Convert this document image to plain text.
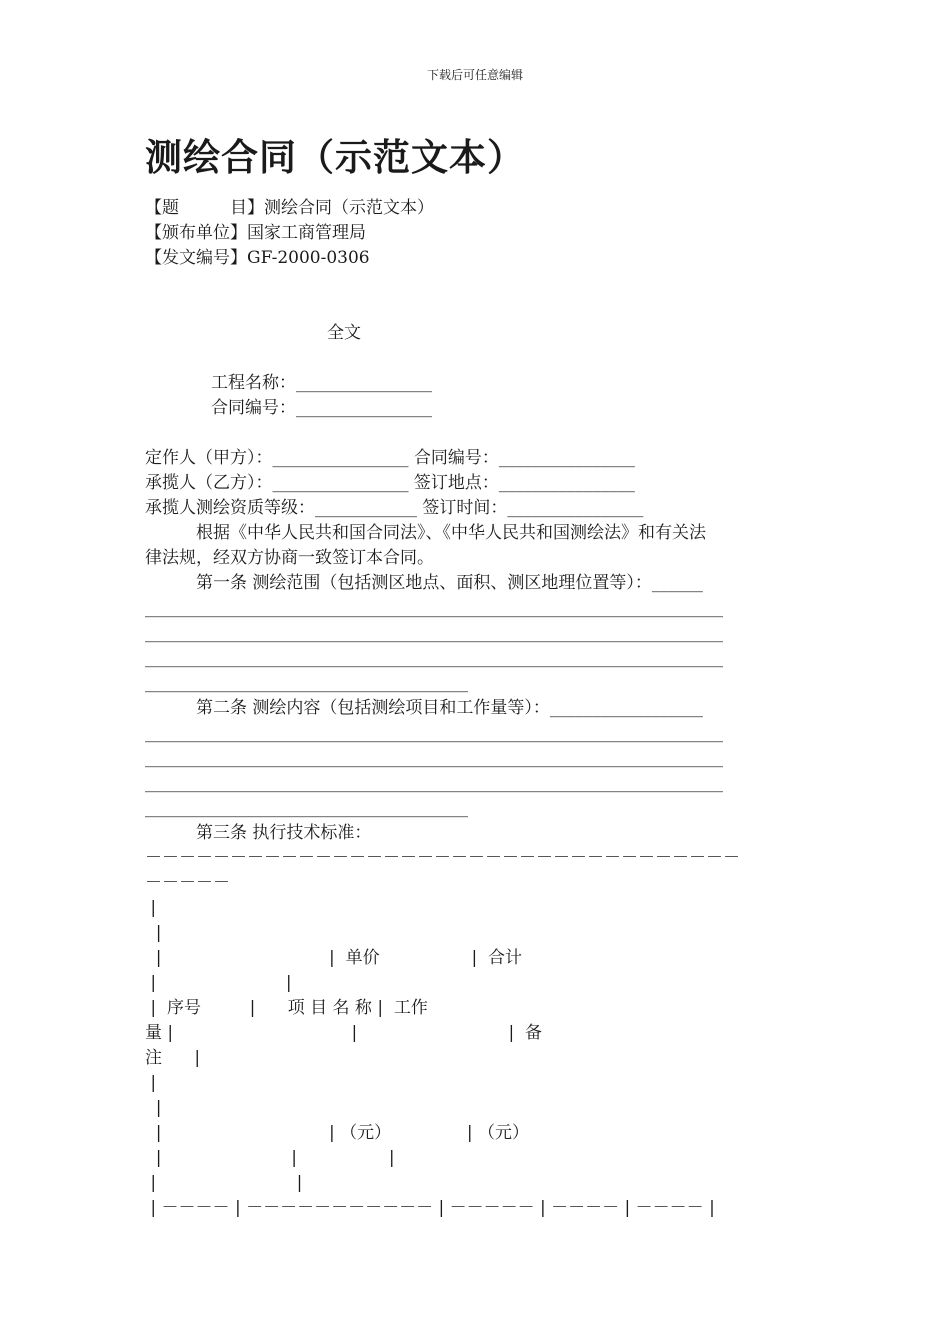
下载后可任意编辑
测绘合同（示范文本）
【题　　　目】测绘合同（示范文本）
【颁布单位】国家工商管理局
【发文编号】GF-2000-0306
全文
工程名称：________________
合同编号：________________
定作人（甲方）：________________ 合同编号：________________
承揽人（乙方）：________________ 签订地点：________________
承揽人测绘资质等级：____________ 签订时间：________________
　　　根据《中华人民共和国合同法》、《中华人民共和国测绘法》和有关法
律法规，经双方协商一致签订本合同。
　　　第一条 测绘范围（包括测区地点、面积、测区地理位置等）：______
____________________________________________________________________
____________________________________________________________________
____________________________________________________________________
______________________________________
　　　第二条 测绘内容（包括测绘项目和工作量等）：__________________
____________________________________________________________________
____________________________________________________________________
____________________________________________________________________
______________________________________
　　　第三条 执行技术标准：
－－－－－－－－－－－－－－－－－－－－－－－－－－－－－－－－－－－
－－－－－
|
|
|                               |  单价                 |  合计
|                        |
|  序号         |      项 目 名 称 |  工作
量 |                                 |                            |  备
注      |
|
|
|                               | （元）              | （元）
|                        |                 |
|                          |
| －－－－ | －－－－－－－－－－－ | －－－－－ | －－－－ | －－－－ |
